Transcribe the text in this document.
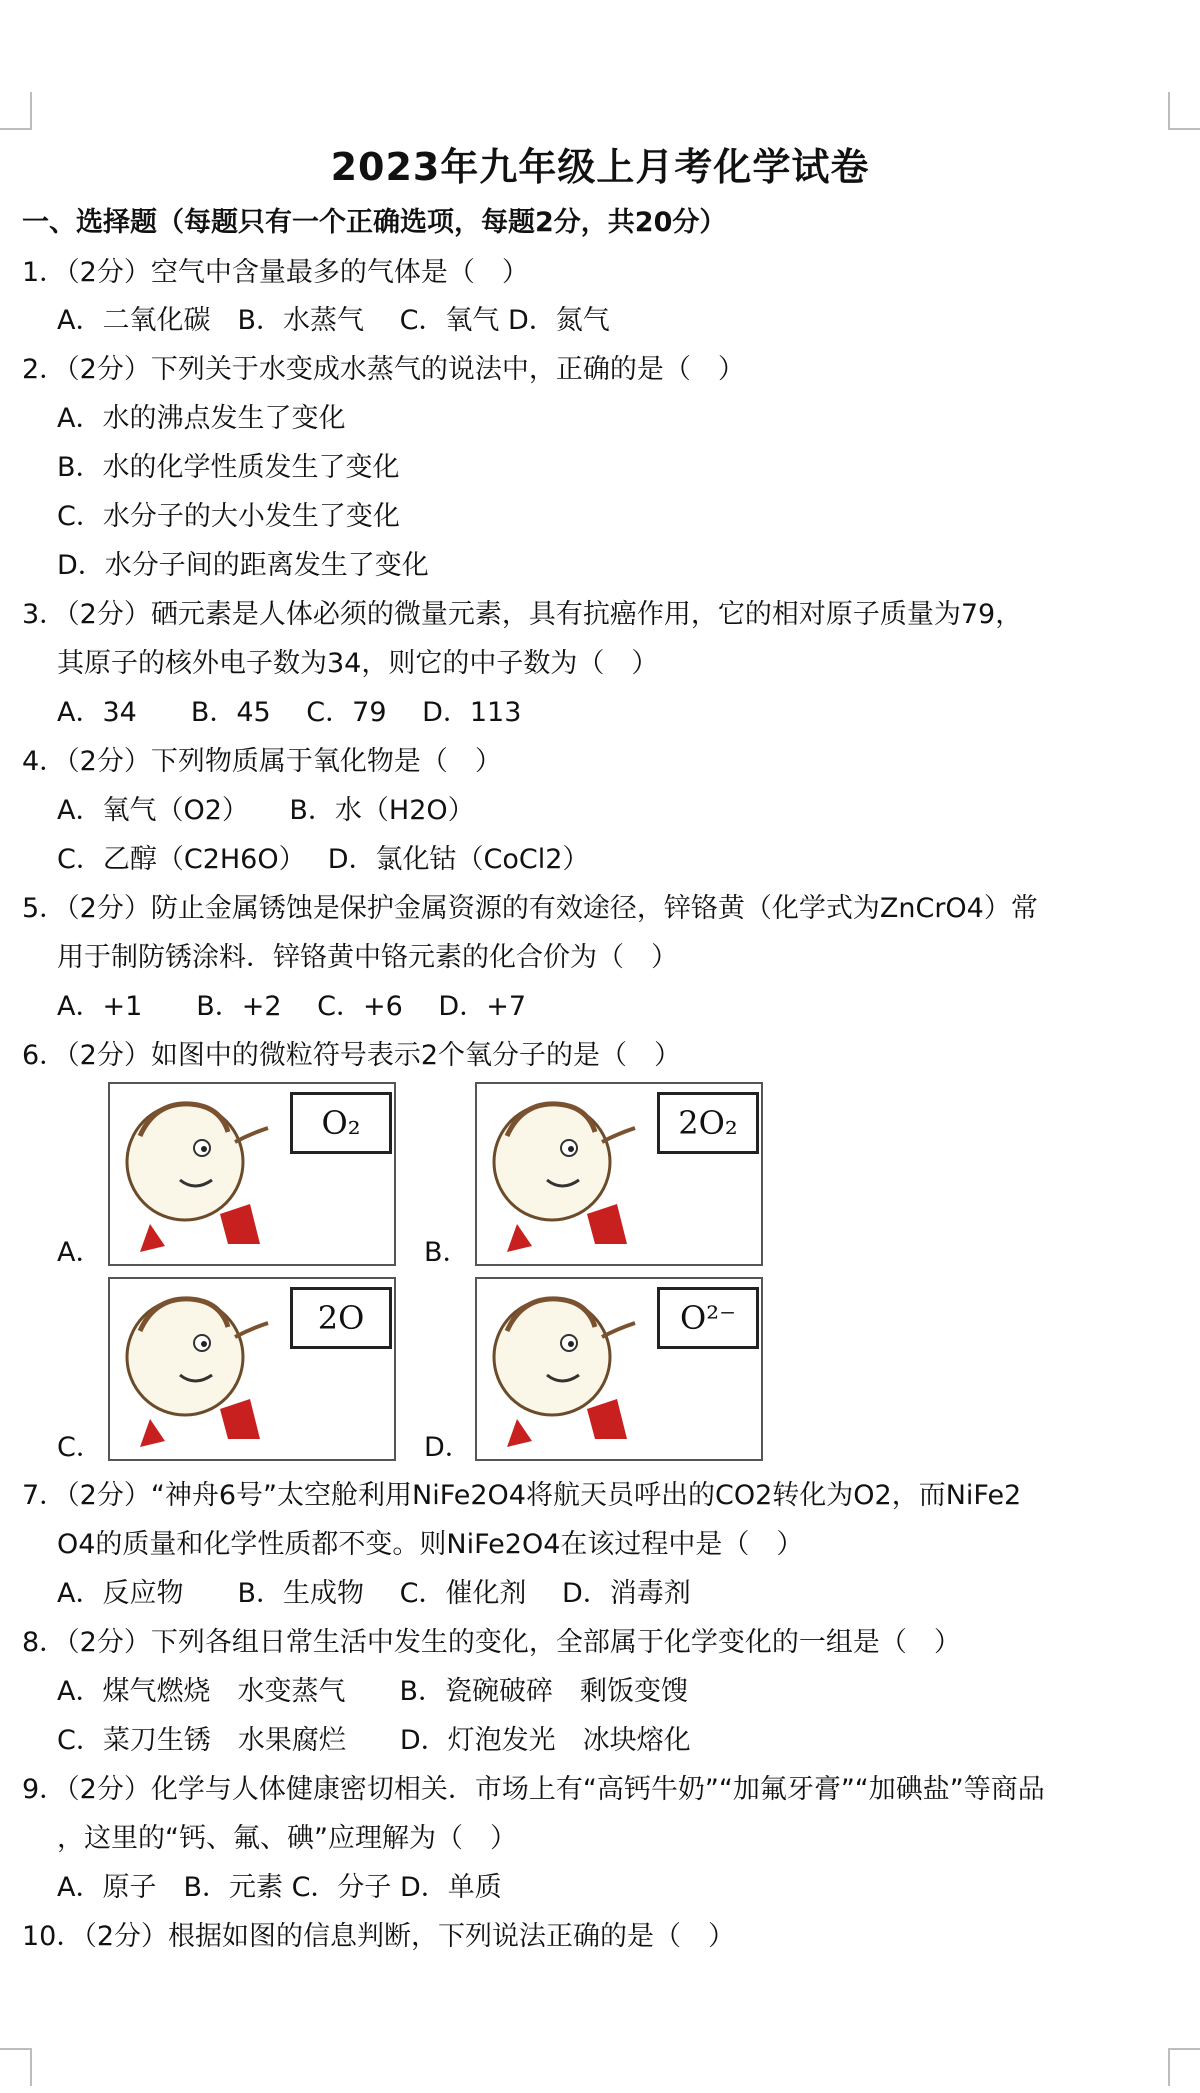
2023年九年级上月考化学试卷
一、选择题（每题只有一个正确选项，每题2分，共20分）
1．（2分）空气中含量最多的气体是（　）
A．二氧化碳　B．水蒸气　 C．氧气 D．氮气
2．（2分）下列关于水变成水蒸气的说法中，正确的是（　）
A．水的沸点发生了变化
B．水的化学性质发生了变化
C．水分子的大小发生了变化
D．水分子间的距离发生了变化
3．（2分）硒元素是人体必须的微量元素，具有抗癌作用，它的相对原子质量为79，
其原子的核外电子数为34，则它的中子数为（　）
A．34　　B．45　 C．79　 D．113
4．（2分）下列物质属于氧化物是（　）
A．氧气（O2）　　B．水（H2O）
C．乙醇（C2H6O）　 D．氯化钴（CoCl2）
5．（2分）防止金属锈蚀是保护金属资源的有效途径，锌铬黄（化学式为ZnCrO4）常
用于制防锈涂料．锌铬黄中铬元素的化合价为（　）
A．+1　　B．+2　 C．+6　 D．+7
6．（2分）如图中的微粒符号表示2个氧分子的是（　）
A．
O₂
B．
2O₂
C．
2O
D．
O²⁻
7．（2分）“神舟6号”太空舱利用NiFe2O4将航天员呼出的CO2转化为O2，而NiFe2
O4的质量和化学性质都不变。则NiFe2O4在该过程中是（　）
A．反应物　　B．生成物　 C．催化剂　 D．消毒剂
8．（2分）下列各组日常生活中发生的变化，全部属于化学变化的一组是（　）
A．煤气燃烧　水变蒸气　　B．瓷碗破碎　剩饭变馊
C．菜刀生锈　水果腐烂　　D．灯泡发光　冰块熔化
9．（2分）化学与人体健康密切相关．市场上有“高钙牛奶”“加氟牙膏”“加碘盐”等商品
，这里的“钙、氟、碘”应理解为（　）
A．原子　B．元素 C．分子 D．单质
10．（2分）根据如图的信息判断，下列说法正确的是（　）
